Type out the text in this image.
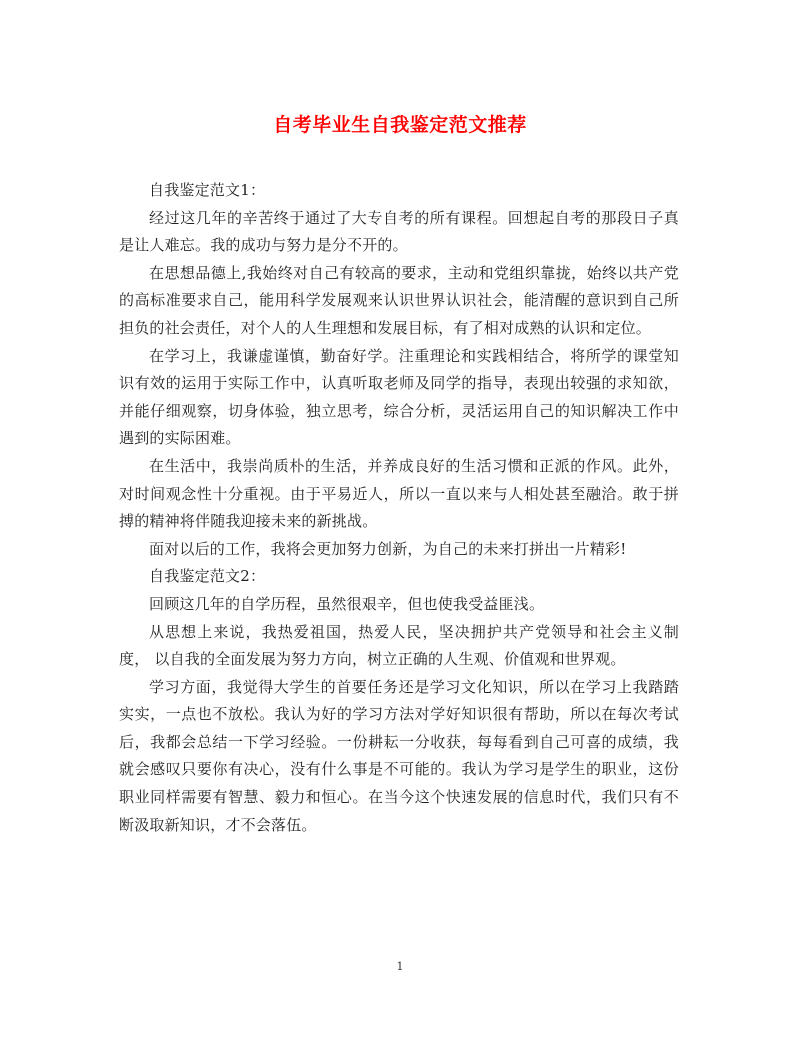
自考毕业生自我鉴定范文推荐

自我鉴定范文1：

经过这几年的辛苦终于通过了大专自考的所有课程。回想起自考的那段日子真是让人难忘。我的成功与努力是分不开的。

在思想品德上,我始终对自己有较高的要求，主动和党组织靠拢，始终以共产党的高标准要求自己，能用科学发展观来认识世界认识社会，能清醒的意识到自己所担负的社会责任，对个人的人生理想和发展目标，有了相对成熟的认识和定位。

在学习上，我谦虚谨慎，勤奋好学。注重理论和实践相结合，将所学的课堂知识有效的运用于实际工作中，认真听取老师及同学的指导，表现出较强的求知欲，并能仔细观察，切身体验，独立思考，综合分析，灵活运用自己的知识解决工作中遇到的实际困难。

在生活中，我崇尚质朴的生活，并养成良好的生活习惯和正派的作风。此外，对时间观念性十分重视。由于平易近人，所以一直以来与人相处甚至融洽。敢于拼搏的精神将伴随我迎接未来的新挑战。

面对以后的工作，我将会更加努力创新，为自己的未来打拼出一片精彩!

自我鉴定范文2：

回顾这几年的自学历程，虽然很艰辛，但也使我受益匪浅。

从思想上来说，我热爱祖国，热爱人民，坚决拥护共产党领导和社会主义制度， 以自我的全面发展为努力方向，树立正确的人生观、价值观和世界观。

学习方面，我觉得大学生的首要任务还是学习文化知识，所以在学习上我踏踏实实，一点也不放松。我认为好的学习方法对学好知识很有帮助，所以在每次考试后，我都会总结一下学习经验。一份耕耘一分收获，每每看到自己可喜的成绩，我就会感叹只要你有决心，没有什么事是不可能的。我认为学习是学生的职业，这份职业同样需要有智慧、毅力和恒心。在当今这个快速发展的信息时代，我们只有不断汲取新知识，才不会落伍。

1
